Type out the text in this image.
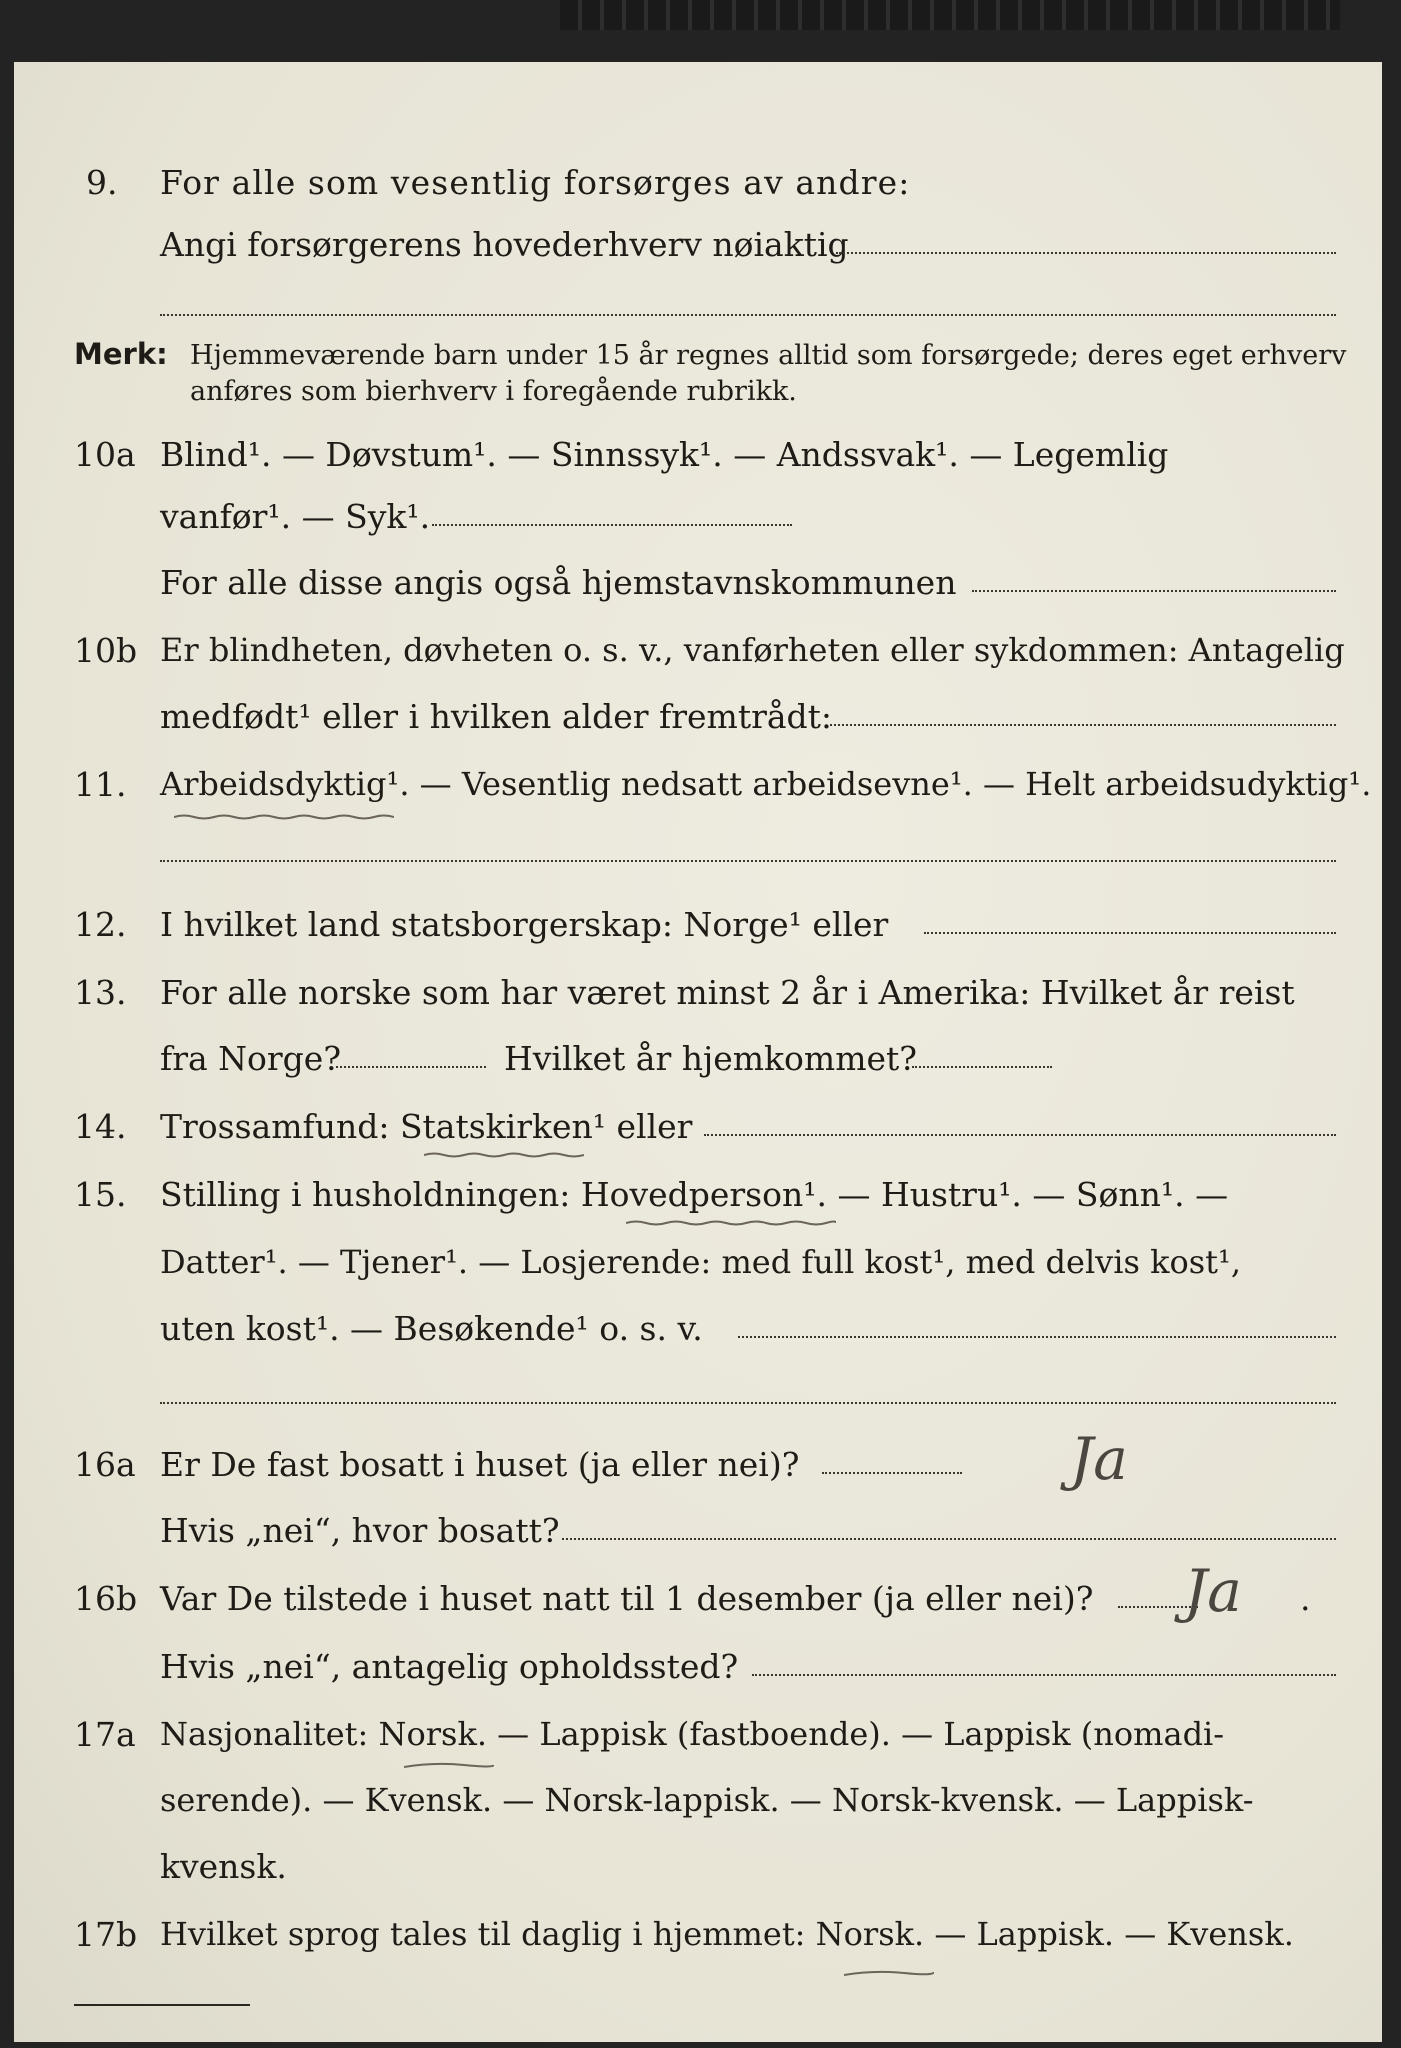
9. For alle som vesentlig forsørges av andre:
Angi forsørgerens hovederhverv nøiaktig
Merk: Hjemmeværende barn under 15 år regnes alltid som forsørgede; deres eget erhverv
anføres som bierhverv i foregående rubrikk.
10a Blind¹. — Døvstum¹. — Sinnssyk¹. — Andssvak¹. — Legemlig
vanfør¹. — Syk¹.
For alle disse angis også hjemstavnskommunen
10b Er blindheten, døvheten o. s. v., vanførheten eller sykdommen: Antagelig
medfødt¹ eller i hvilken alder fremtrådt:
11. Arbeidsdyktig¹. — Vesentlig nedsatt arbeidsevne¹. — Helt arbeidsudyktig¹.
12. I hvilket land statsborgerskap: Norge¹ eller
13. For alle norske som har været minst 2 år i Amerika: Hvilket år reist
fra Norge?	Hvilket år hjemkommet?
14. Trossamfund: Statskirken¹ eller
15. Stilling i husholdningen: Hovedperson¹. — Hustru¹. — Sønn¹. —
Datter¹. — Tjener¹. — Losjerende: med full kost¹, med delvis kost¹,
uten kost¹. — Besøkende¹ o. s. v.
16a Er De fast bosatt i huset (ja eller nei)?	Ja
Hvis „nei“, hvor bosatt?
16b Var De tilstede i huset natt til 1 desember (ja eller nei)? Ja .
Hvis „nei“, antagelig opholdssted?
17a Nasjonalitet: Norsk. — Lappisk (fastboende). — Lappisk (nomadi-
serende). — Kvensk. — Norsk-lappisk. — Norsk-kvensk. — Lappisk-
kvensk.
17b Hvilket sprog tales til daglig i hjemmet: Norsk. — Lappisk. — Kvensk.
